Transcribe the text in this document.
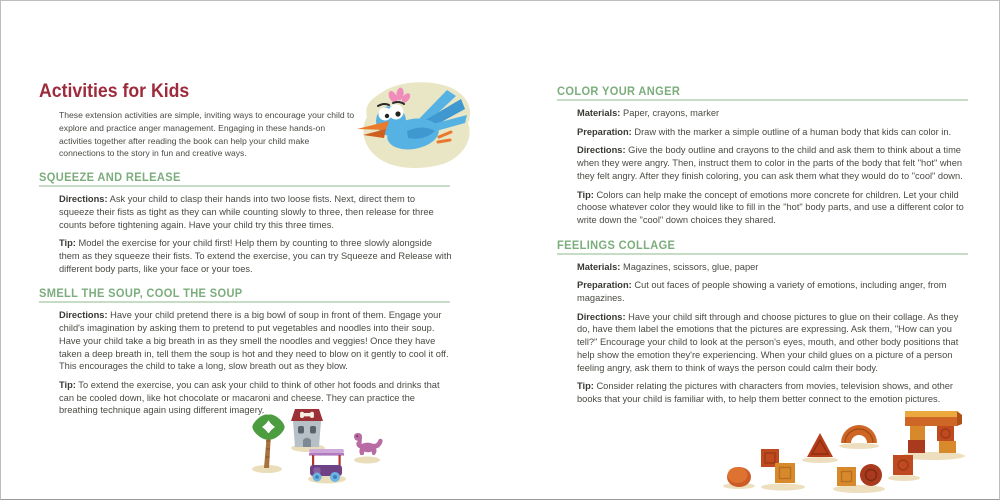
Activities for Kids

These extension activities are simple, inviting ways to encourage your child to explore and practice anger management. Engaging in these hands-on activities together after reading the book can help your child make connections to the story in fun and creative ways.

SQUEEZE AND RELEASE

Directions: Ask your child to clasp their hands into two loose fists. Next, direct them to squeeze their fists as tight as they can while counting slowly to three, then release for three counts before tightening again. Have your child try this three times.

Tip: Model the exercise for your child first! Help them by counting to three slowly alongside them as they squeeze their fists. To extend the exercise, you can try Squeeze and Release with different body parts, like your face or your toes.

SMELL THE SOUP, COOL THE SOUP

Directions: Have your child pretend there is a big bowl of soup in front of them. Engage your child's imagination by asking them to pretend to put vegetables and noodles into their soup. Have your child take a big breath in as they smell the noodles and veggies! Once they have taken a deep breath in, tell them the soup is hot and they need to blow on it gently to cool it off. This encourages the child to take a long, slow breath out as they blow.

Tip: To extend the exercise, you can ask your child to think of other hot foods and drinks that can be cooled down, like hot chocolate or macaroni and cheese. They can practice the breathing technique again using different imagery.

COLOR YOUR ANGER

Materials: Paper, crayons, marker

Preparation: Draw with the marker a simple outline of a human body that kids can color in.

Directions: Give the body outline and crayons to the child and ask them to think about a time when they were angry. Then, instruct them to color in the parts of the body that felt "hot" when they felt angry. After they finish coloring, you can ask them what they would do to "cool" down.

Tip: Colors can help make the concept of emotions more concrete for children. Let your child choose whatever color they would like to fill in the "hot" body parts, and use a different color to write down the "cool" down choices they shared.

FEELINGS COLLAGE

Materials: Magazines, scissors, glue, paper

Preparation: Cut out faces of people showing a variety of emotions, including anger, from magazines.

Directions: Have your child sift through and choose pictures to glue on their collage. As they do, have them label the emotions that the pictures are expressing. Ask them, "How can you tell?" Encourage your child to look at the person's eyes, mouth, and other body positions that help show the emotion they're experiencing. When your child glues on a picture of a person feeling angry, ask them to think of ways the person could calm their body.

Tip: Consider relating the pictures with characters from movies, television shows, and other books that your child is familiar with, to help them better connect to the emotion pictures.
